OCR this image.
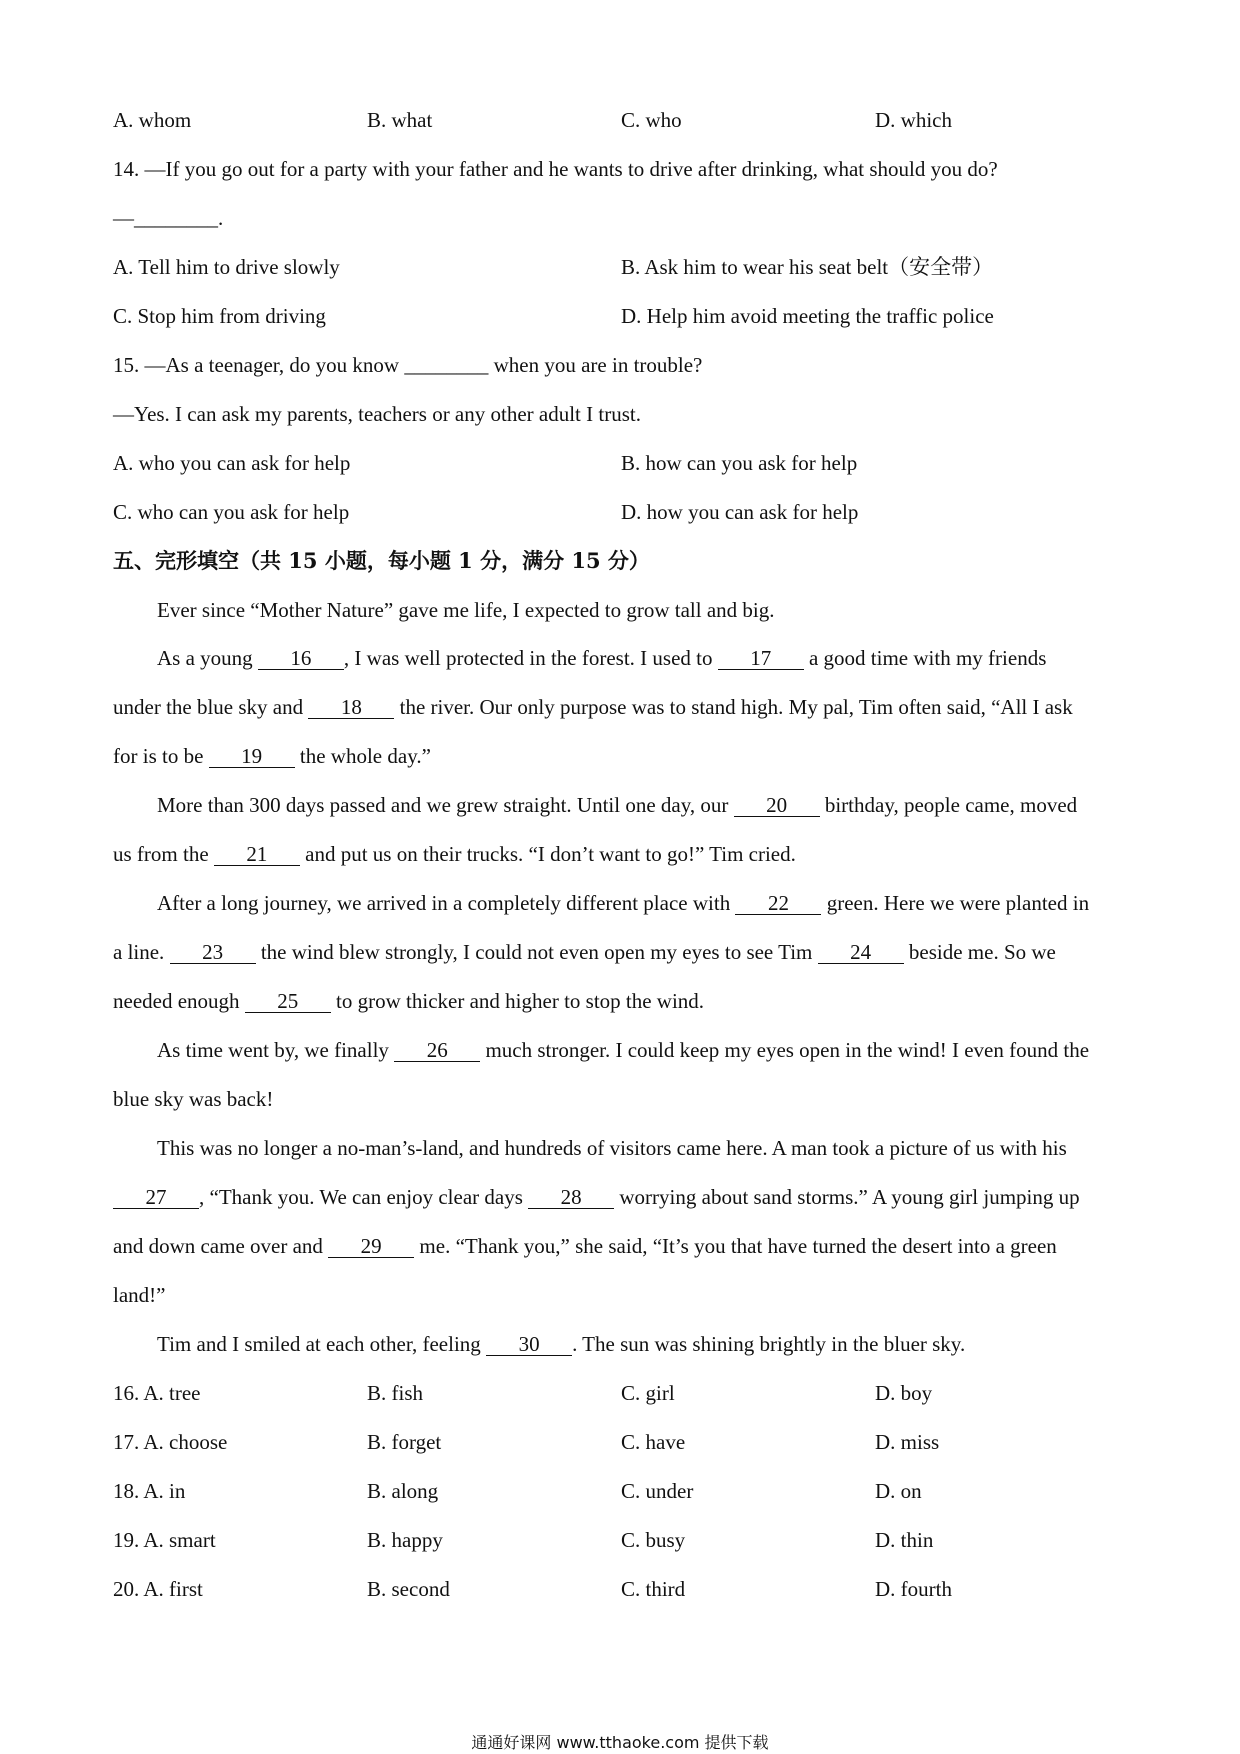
A. whom	B. what	C. who	D. which
14. —If you go out for a party with your father and he wants to drive after drinking, what should you do?
—________.
A. Tell him to drive slowly	B. Ask him to wear his seat belt（安全带）
C. Stop him from driving	D. Help him avoid meeting the traffic police
15. —As a teenager, do you know ________ when you are in trouble?
—Yes. I can ask my parents, teachers or any other adult I trust.
A. who you can ask for help	B. how can you ask for help
C. who can you ask for help	D. how you can ask for help
五、完形填空（共 15 小题，每小题 1 分，满分 15 分）
Ever since “Mother Nature” gave me life, I expected to grow tall and big.
As a young 16 , I was well protected in the forest. I used to 17 a good time with my friends
under the blue sky and 18 the river. Our only purpose was to stand high. My pal, Tim often said, “All I ask
for is to be 19 the whole day.”
More than 300 days passed and we grew straight. Until one day, our 20 birthday, people came, moved
us from the 21 and put us on their trucks. “I don’t want to go!” Tim cried.
After a long journey, we arrived in a completely different place with 22 green. Here we were planted in
a line. 23 the wind blew strongly, I could not even open my eyes to see Tim 24 beside me. So we
needed enough 25 to grow thicker and higher to stop the wind.
As time went by, we finally 26 much stronger. I could keep my eyes open in the wind! I even found the
blue sky was back!
This was no longer a no-man’s-land, and hundreds of visitors came here. A man took a picture of us with his
27 , “Thank you. We can enjoy clear days 28 worrying about sand storms.” A young girl jumping up
and down came over and 29 me. “Thank you,” she said, “It’s you that have turned the desert into a green
land!”
Tim and I smiled at each other, feeling 30 . The sun was shining brightly in the bluer sky.
16. A. tree	B. fish	C. girl	D. boy
17. A. choose	B. forget	C. have	D. miss
18. A. in	B. along	C. under	D. on
19. A. smart	B. happy	C. busy	D. thin
20. A. first	B. second	C. third	D. fourth
通通好课网 www.tthaoke.com 提供下载
